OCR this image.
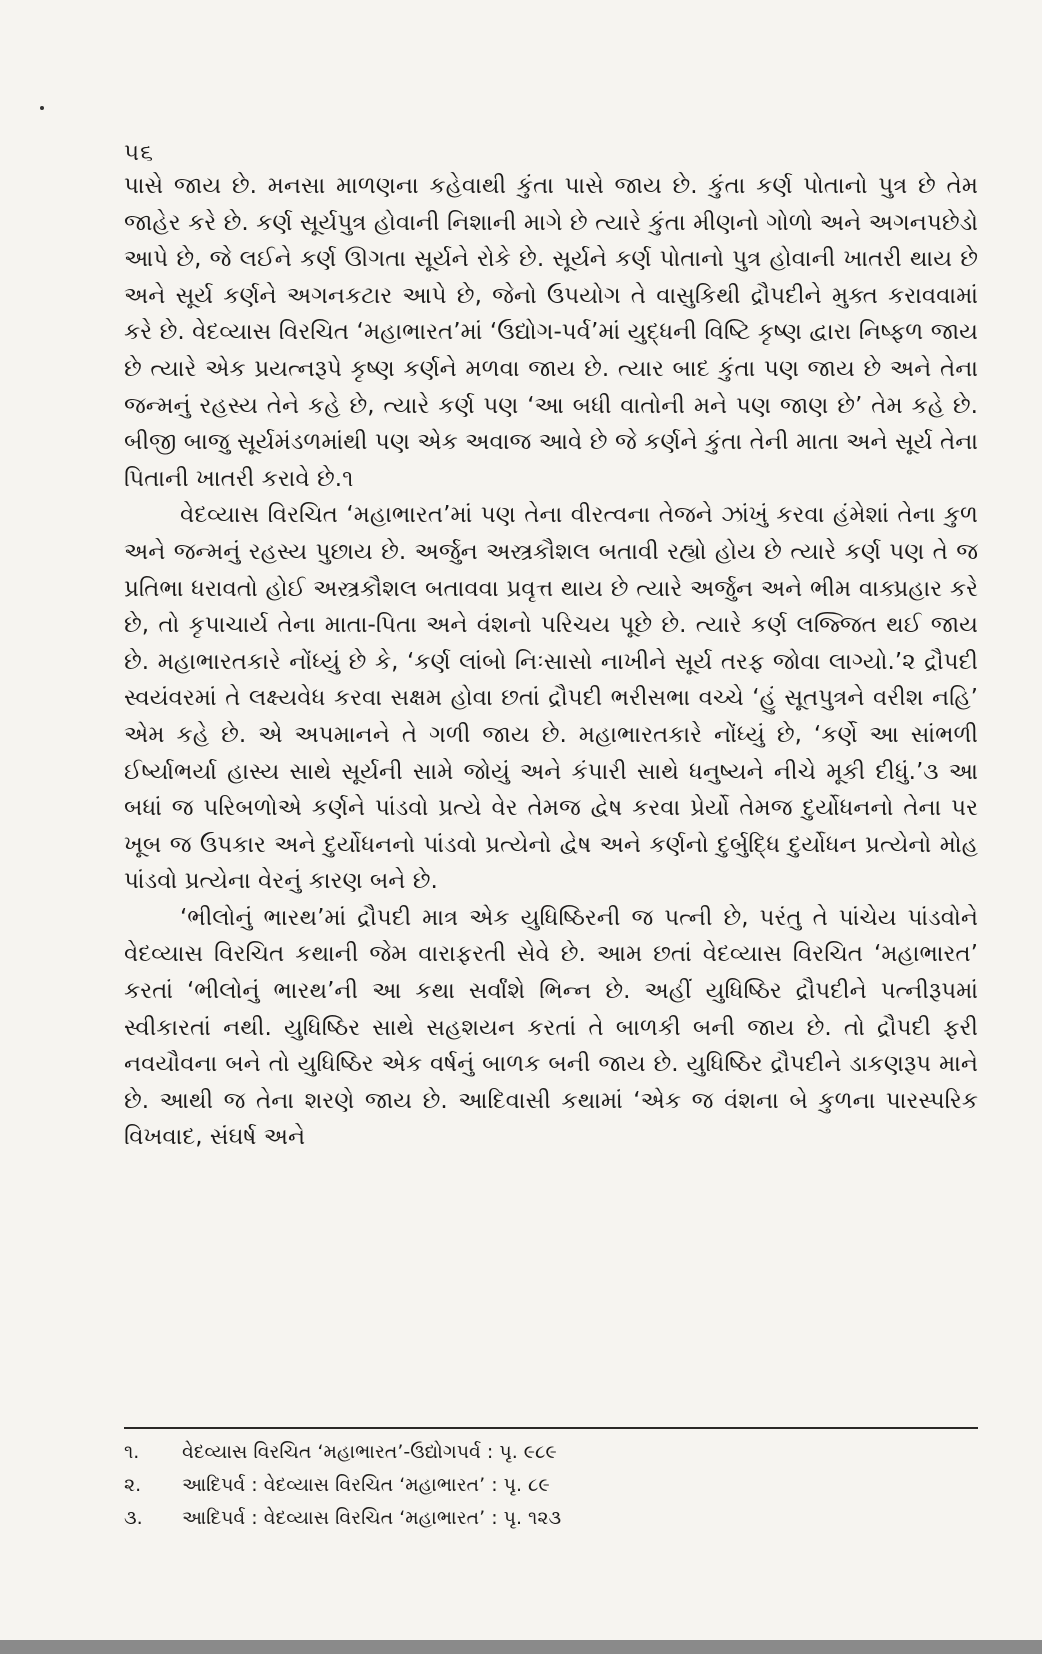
૫૬

પાસે જાય છે. મનસા માળણના કહેવાથી કુંતા પાસે જાય છે. કુંતા કર્ણ પોતાનો પુત્ર છે તેમ જાહેર કરે છે. કર્ણ સૂર્યપુત્ર હોવાની નિશાની માગે છે ત્યારે કુંતા મીણનો ગોળો અને અગનપછેડો આપે છે, જે લઈને કર્ણ ઊગતા સૂર્યને રોકે છે. સૂર્યને કર્ણ પોતાનો પુત્ર હોવાની ખાતરી થાય છે અને સૂર્ય કર્ણને અગનકટાર આપે છે, જેનો ઉપયોગ તે વાસુકિથી દ્રૌપદીને મુક્ત કરાવવામાં કરે છે. વેદવ્યાસ વિરચિત ‘મહાભારત’માં ‘ઉદ્યોગ-પર્વ’માં યુદ્ધની વિષ્ટિ કૃષ્ણ દ્વારા નિષ્ફળ જાય છે ત્યારે એક પ્રયત્નરૂપે કૃષ્ણ કર્ણને મળવા જાય છે. ત્યાર બાદ કુંતા પણ જાય છે અને તેના જન્મનું રહસ્ય તેને કહે છે, ત્યારે કર્ણ પણ ‘આ બધી વાતોની મને પણ જાણ છે’ તેમ કહે છે. બીજી બાજુ સૂર્યમંડળમાંથી પણ એક અવાજ આવે છે જે કર્ણને કુંતા તેની માતા અને સૂર્ય તેના પિતાની ખાતરી કરાવે છે.૧

વેદવ્યાસ વિરચિત ‘મહાભારત’માં પણ તેના વીરત્વના તેજને ઝાંખું કરવા હંમેશાં તેના કુળ અને જન્મનું રહસ્ય પુછાય છે. અર્જુન અસ્ત્રકૌશલ બતાવી રહ્યો હોય છે ત્યારે કર્ણ પણ તે જ પ્રતિભા ધરાવતો હોઈ અસ્ત્રકૌશલ બતાવવા પ્રવૃત્ત થાય છે ત્યારે અર્જુન અને ભીમ વાક્પ્રહાર કરે છે, તો કૃપાચાર્ય તેના માતા-પિતા અને વંશનો પરિચય પૂછે છે. ત્યારે કર્ણ લજ્જિત થઈ જાય છે. મહાભારતકારે નોંધ્યું છે કે, ‘કર્ણ લાંબો નિઃસાસો નાખીને સૂર્ય તરફ જોવા લાગ્યો.’૨ દ્રૌપદી સ્વયંવરમાં તે લક્ષ્યવેધ કરવા સક્ષમ હોવા છતાં દ્રૌપદી ભરીસભા વચ્ચે ‘હું સૂતપુત્રને વરીશ નહિ’ એમ કહે છે. એ અપમાનને તે ગળી જાય છે. મહાભારતકારે નોંધ્યું છે, ‘કર્ણે આ સાંભળી ઈર્ષ્યાભર્યા હાસ્ય સાથે સૂર્યની સામે જોયું અને કંપારી સાથે ધનુષ્યને નીચે મૂકી દીધું.’૩ આ બધાં જ પરિબળોએ કર્ણને પાંડવો પ્રત્યે વેર તેમજ દ્વેષ કરવા પ્રેર્યો તેમજ દુર્યોધનનો તેના પર ખૂબ જ ઉપકાર અને દુર્યોધનનો પાંડવો પ્રત્યેનો દ્વેષ અને કર્ણનો દુર્બુદ્ધિ દુર્યોધન પ્રત્યેનો મોહ પાંડવો પ્રત્યેના વેરનું કારણ બને છે.

‘ભીલોનું ભારથ’માં દ્રૌપદી માત્ર એક યુધિષ્ઠિરની જ પત્ની છે, પરંતુ તે પાંચેય પાંડવોને વેદવ્યાસ વિરચિત કથાની જેમ વારાફરતી સેવે છે. આમ છતાં વેદવ્યાસ વિરચિત ‘મહાભારત’ કરતાં ‘ભીલોનું ભારથ’ની આ કથા સર્વાંશે ભિન્ન છે. અહીં યુધિષ્ઠિર દ્રૌપદીને પત્નીરૂપમાં સ્વીકારતાં નથી. યુધિષ્ઠિર સાથે સહશયન કરતાં તે બાળકી બની જાય છે. તો દ્રૌપદી ફરી નવયૌવના બને તો યુધિષ્ઠિર એક વર્ષનું બાળક બની જાય છે. યુધિષ્ઠિર દ્રૌપદીને ડાકણરૂપ માને છે. આથી જ તેના શરણે જાય છે. આદિવાસી કથામાં ‘એક જ વંશના બે કુળના પારસ્પરિક વિખવાદ, સંઘર્ષ અને

૧.	વેદવ્યાસ વિરચિત ‘મહાભારત’-ઉદ્યોગપર્વ : પૃ. ૯૮૯
૨.	આદિપર્વ : વેદવ્યાસ વિરચિત ‘મહાભારત’ : પૃ. ૮૯
૩.	આદિપર્વ : વેદવ્યાસ વિરચિત ‘મહાભારત’ : પૃ. ૧૨૩
